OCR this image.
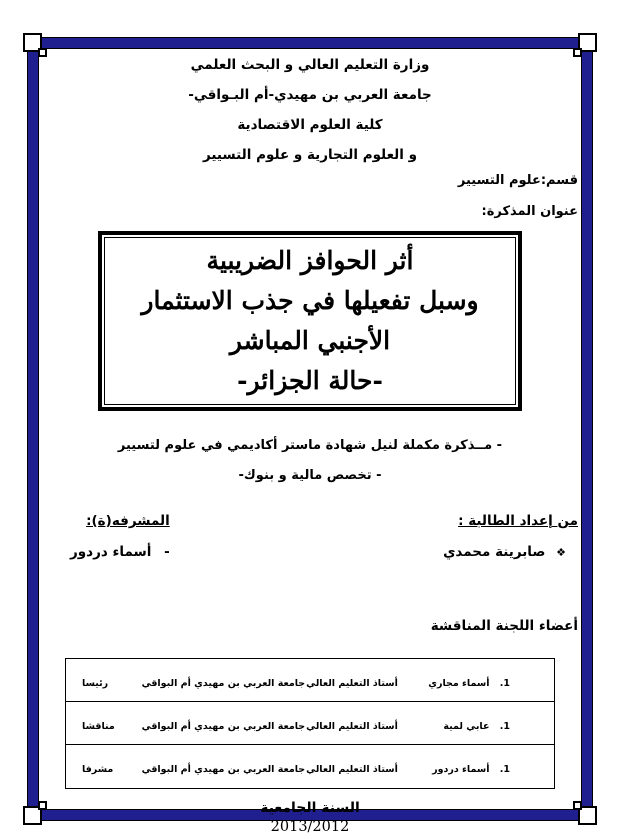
وزارة التعليم العالي و البحث العلمي
جامعة العربي بن مهيدي-أم البـواقي-
كلية العلوم الاقتصادية
و العلوم التجارية و علوم التسيير
قسم:علوم التسيير
عنوان المذكرة:
أثر الحوافز الضريبية
وسبل تفعيلها في جذب الاستثمار الأجنبي المباشر
-حالة الجزائر-
- مــذكرة مكملة لنيل شهادة ماستر أكاديمي في علوم لتسيير
- تخصص مالية و بنوك-
من إعداد الطالبة :
❖ صابرينة محمدي
المشرفه(ة):
- أسماء دردور
أعضاء اللجنة المناقشة
1. أسماء مجاري
أستاذ التعليم العالي
جامعة العربي بن مهيدي أم البواقي
رئيسا
1. عابي لمية
أستاذ التعليم العالي
جامعة العربي بن مهيدي أم البواقي
مناقشا
1. أسماء دردور
أستاذ التعليم العالي
جامعة العربي بن مهيدي أم البواقي
مشرفا
السنة الجامعية
2013/2012
